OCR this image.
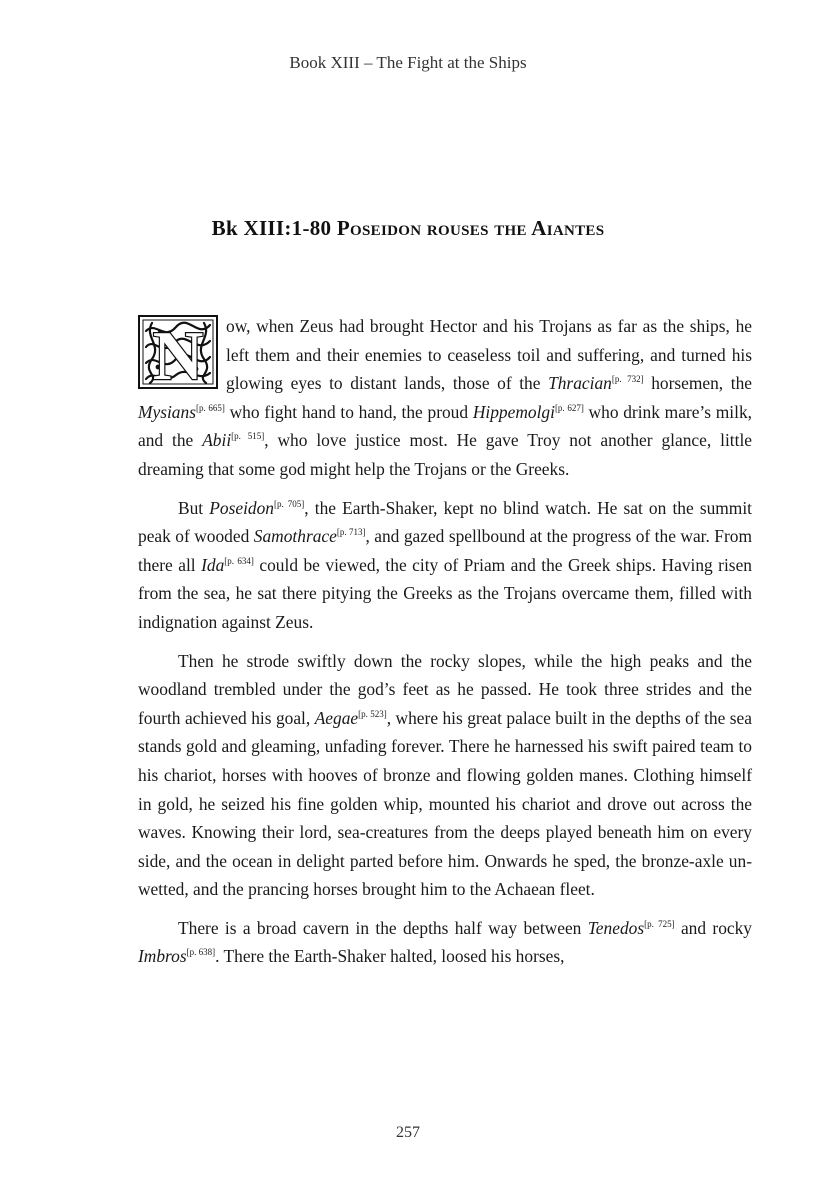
Book XIII – The Fight at the Ships
Bk XIII:1-80 Poseidon rouses the Aiantes

N ow, when Zeus had brought Hector and his Trojans as far as the ships, he left them and their enemies to ceaseless toil and suffering, and turned his glowing eyes to distant lands, those of the Thracian[p. 732] horsemen, the Mysians[p. 665] who fight hand to hand, the proud Hippemolgi[p. 627] who drink mare’s milk, and the Abii[p. 515], who love justice most. He gave Troy not another glance, little dreaming that some god might help the Trojans or the Greeks.

But Poseidon[p. 705], the Earth-Shaker, kept no blind watch. He sat on the summit peak of wooded Samothrace[p. 713], and gazed spellbound at the progress of the war. From there all Ida[p. 634] could be viewed, the city of Priam and the Greek ships. Having risen from the sea, he sat there pitying the Greeks as the Trojans overcame them, filled with indignation against Zeus.

Then he strode swiftly down the rocky slopes, while the high peaks and the woodland trembled under the god’s feet as he passed. He took three strides and the fourth achieved his goal, Aegae[p. 523], where his great palace built in the depths of the sea stands gold and gleaming, unfading forever. There he harnessed his swift paired team to his chariot, horses with hooves of bronze and flowing golden manes. Clothing himself in gold, he seized his fine golden whip, mounted his chariot and drove out across the waves. Knowing their lord, sea-creatures from the deeps played beneath him on every side, and the ocean in delight parted before him. Onwards he sped, the bronze-axle un-wetted, and the prancing horses brought him to the Achaean fleet.

There is a broad cavern in the depths half way between Tenedos[p. 725] and rocky Imbros[p. 638]. There the Earth-Shaker halted, loosed his horses,

257
